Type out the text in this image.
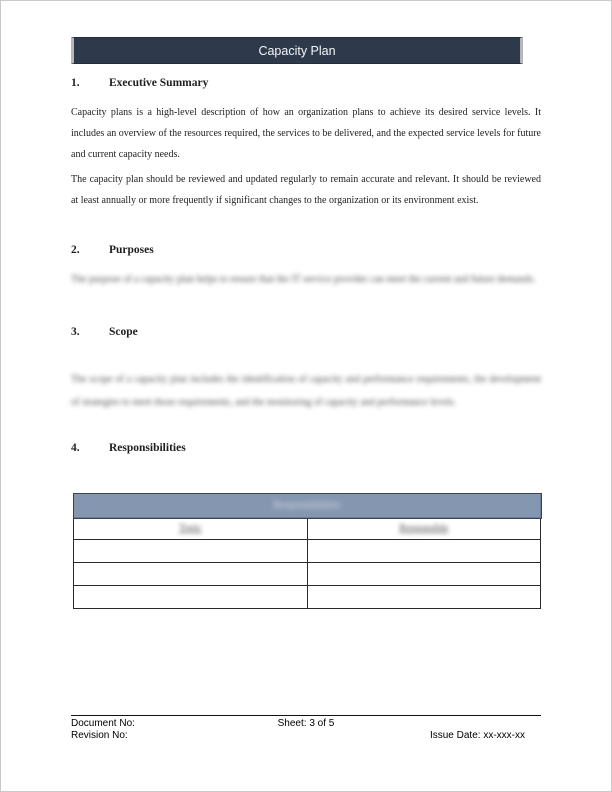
Capacity Plan
1.	Executive Summary

Capacity plans is a high-level description of how an organization plans to achieve its desired service levels. It includes an overview of the resources required, the services to be delivered, and the expected service levels for future and current capacity needs.

The capacity plan should be reviewed and updated regularly to remain accurate and relevant. It should be reviewed at least annually or more frequently if significant changes to the organization or its environment exist.

2.	Purposes

The purpose of a capacity plan helps to ensure that the IT service provider can meet the current and future demands.

3.	Scope

The scope of a capacity plan includes the identification of capacity and performance requirements, the development of strategies to meet those requirements, and the monitoring of capacity and performance levels.

4.	Responsibilities
Responsibilities	
Topic	Responsible

Document No:	Sheet: 3 of 5
Revision No:	Issue Date: xx-xxx-xx
